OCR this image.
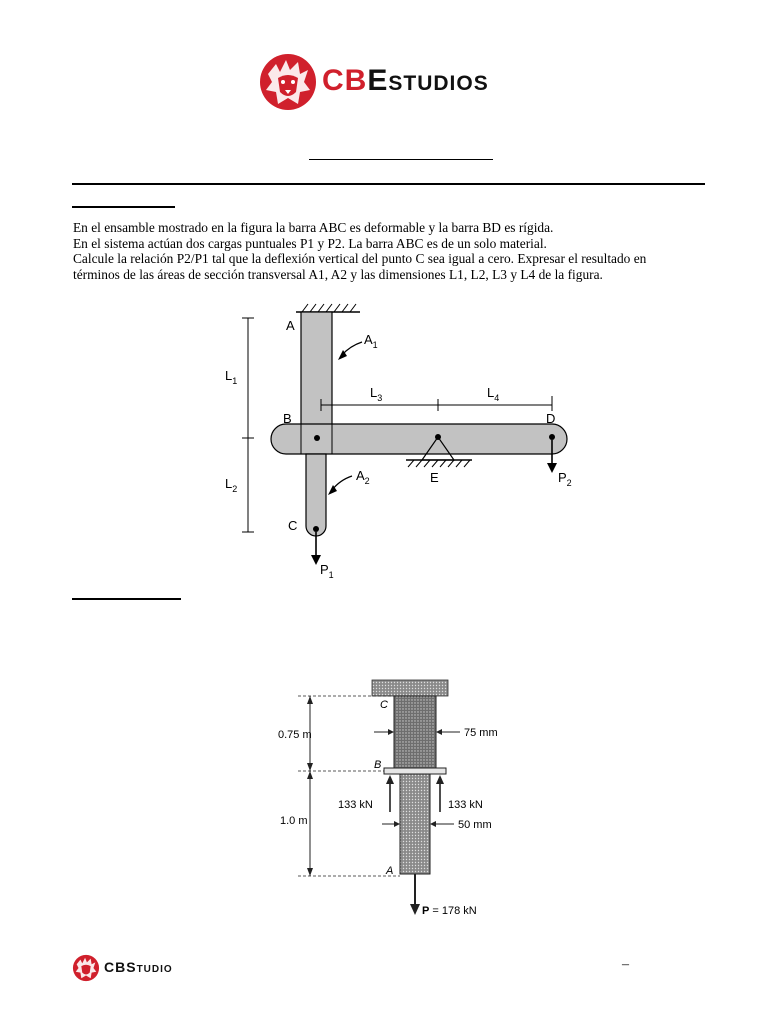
CBEstudios

En el ensamble mostrado en la figura la barra ABC es deformable y la barra BD es rígida.

En el sistema actúan dos cargas puntuales P1 y P2. La barra ABC es de un solo material.

Calcule la relación P2/P1 tal que la deflexión vertical del punto C sea igual a cero. Expresar el resultado en

términos de las áreas de sección transversal A1, A2 y las dimensiones L1, L2, L3 y L4 de la figura.

A
B
C
D
E
$A_1$
$A_2$
$L_1$
$L_2$
$L_3$	$L_4$
$P_1$
$P_2$
C
B
A
0.75 m
1.0 m
75 mm
50 mm
133 kN	133 kN
P = 178 kN
CBStudio	–
